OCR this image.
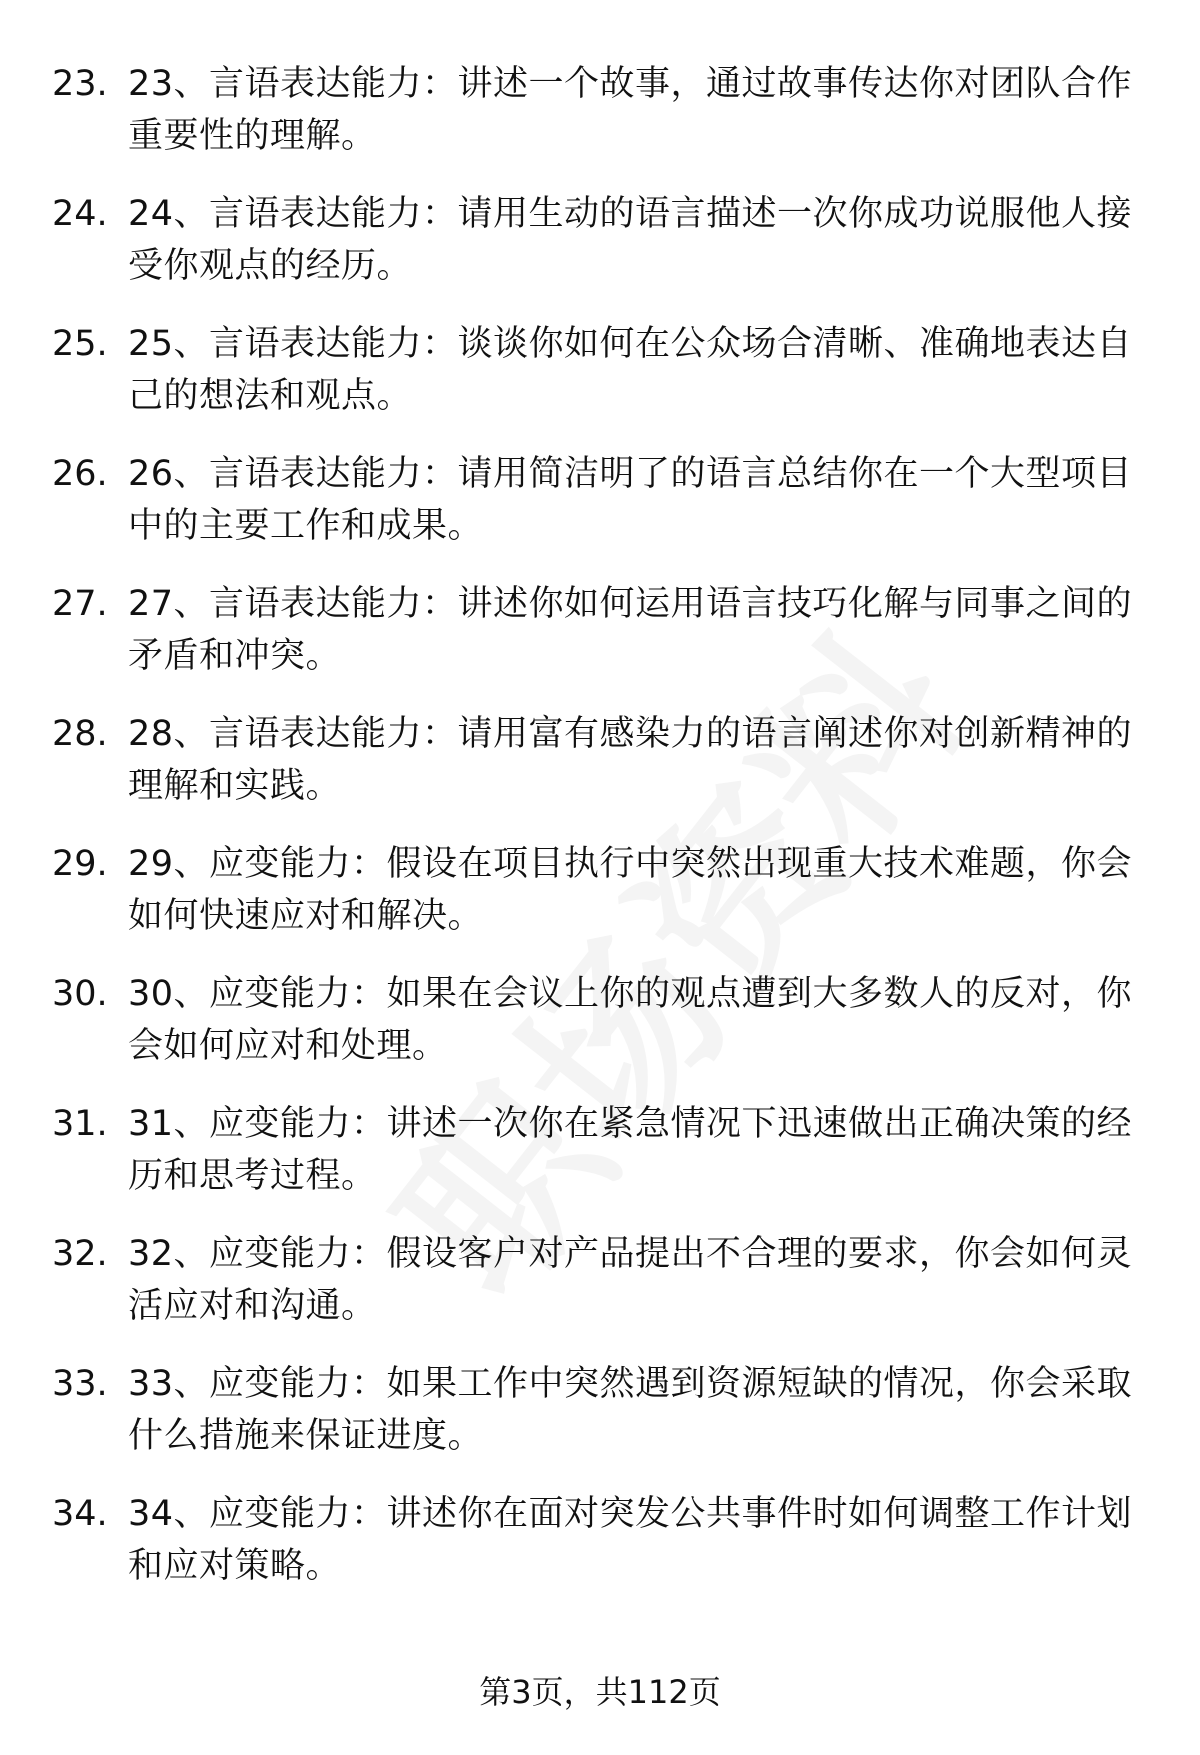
23. 23、言语表达能力：讲述一个故事，通过故事传达你对团队合作重要性的理解。
24. 24、言语表达能力：请用生动的语言描述一次你成功说服他人接受你观点的经历。
25. 25、言语表达能力：谈谈你如何在公众场合清晰、准确地表达自己的想法和观点。
26. 26、言语表达能力：请用简洁明了的语言总结你在一个大型项目中的主要工作和成果。
27. 27、言语表达能力：讲述你如何运用语言技巧化解与同事之间的矛盾和冲突。
28. 28、言语表达能力：请用富有感染力的语言阐述你对创新精神的理解和实践。
29. 29、应变能力：假设在项目执行中突然出现重大技术难题，你会如何快速应对和解决。
30. 30、应变能力：如果在会议上你的观点遭到大多数人的反对，你会如何应对和处理。
31. 31、应变能力：讲述一次你在紧急情况下迅速做出正确决策的经历和思考过程。
32. 32、应变能力：假设客户对产品提出不合理的要求，你会如何灵活应对和沟通。
33. 33、应变能力：如果工作中突然遇到资源短缺的情况，你会采取什么措施来保证进度。
34. 34、应变能力：讲述你在面对突发公共事件时如何调整工作计划和应对策略。
第3页，共112页
